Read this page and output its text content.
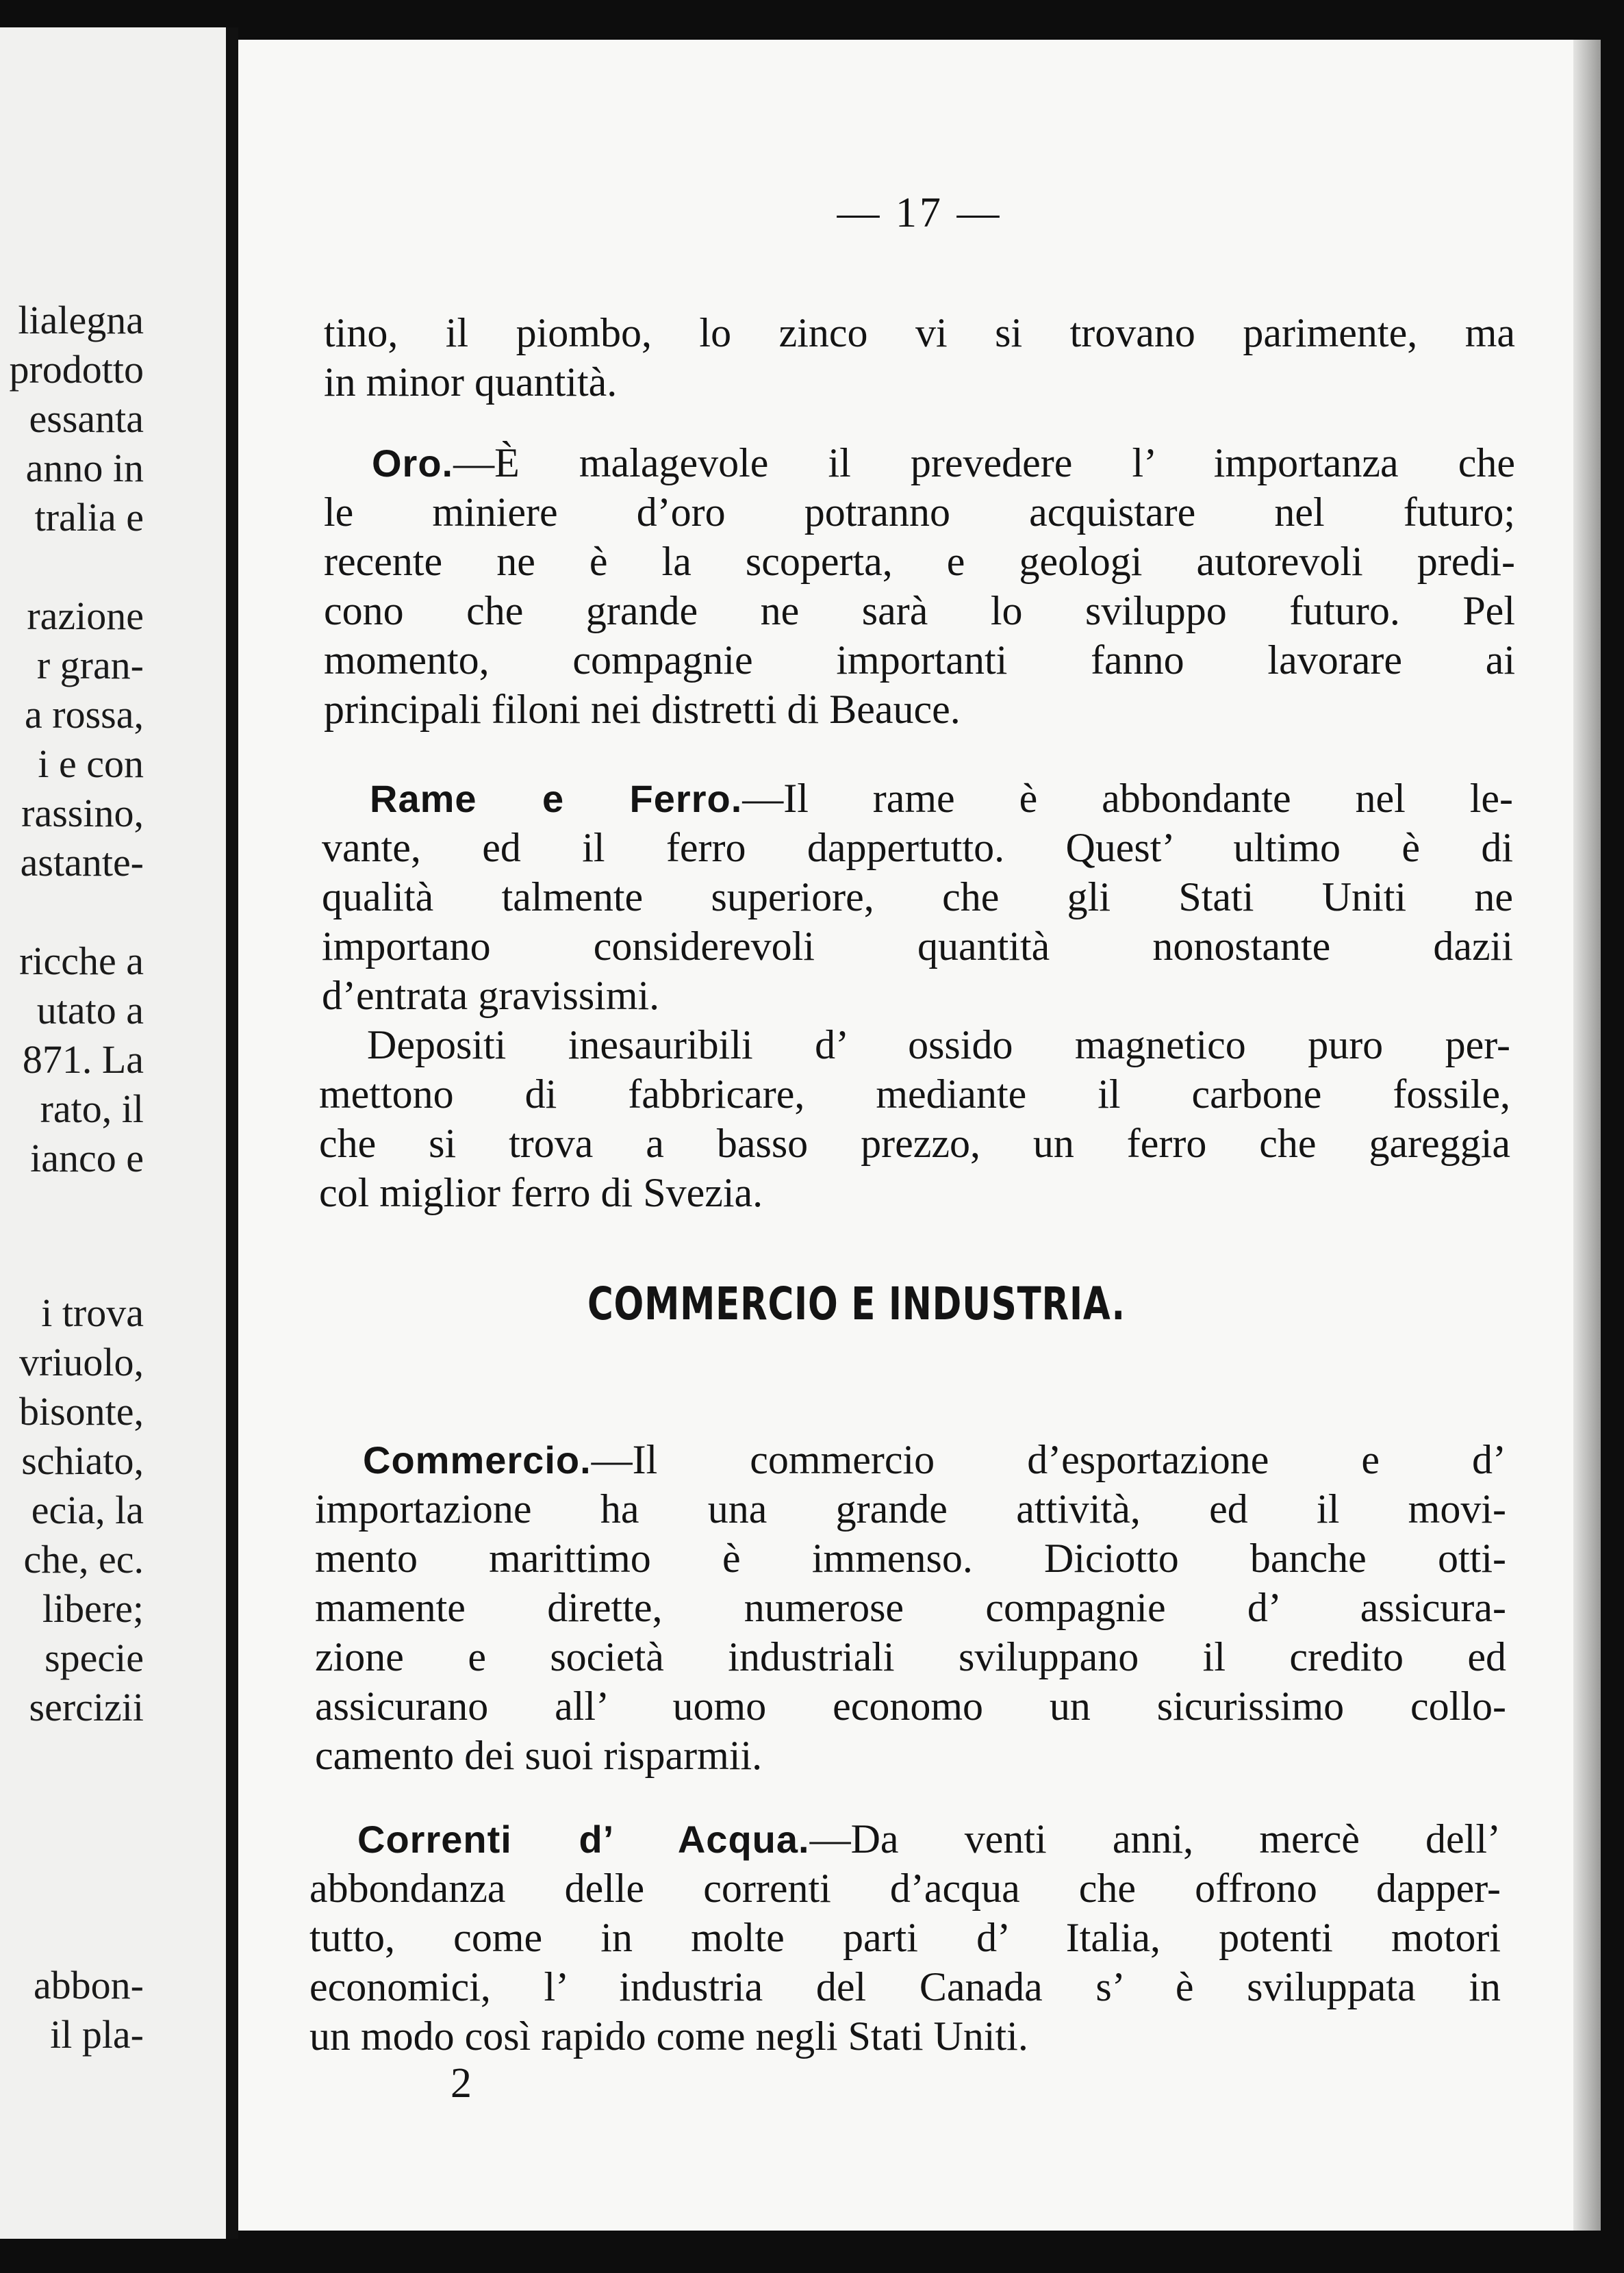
lialegna
prodotto
essanta
anno in
tralia e
razione
r gran-
a rossa,
i e con
rassino,
astante-
ricche a
utato a
871. La
rato, il
ianco e
i trova
vriuolo,
bisonte,
schiato,
ecia, la
che, ec.
libere;
specie
sercizii
abbon-
il pla-
— 17 —
tino, il piombo, lo zinco vi si trovano parimente, ma
in minor quantità.
Oro.—È malagevole il prevedere l’ importanza che
le miniere d’oro potranno acquistare nel futuro;
recente ne è la scoperta, e geologi autorevoli predi-
cono che grande ne sarà lo sviluppo futuro. Pel
momento, compagnie importanti fanno lavorare ai
principali filoni nei distretti di Beauce.
Rame e Ferro.—Il rame è abbondante nel le-
vante, ed il ferro dappertutto. Quest’ ultimo è di
qualità talmente superiore, che gli Stati Uniti ne
importano considerevoli quantità nonostante dazii
d’entrata gravissimi.
Depositi inesauribili d’ ossido magnetico puro per-
mettono di fabbricare, mediante il carbone fossile,
che si trova a basso prezzo, un ferro che gareggia
col miglior ferro di Svezia.
COMMERCIO E INDUSTRIA.
Commercio.—Il commercio d’esportazione e d’
importazione ha una grande attività, ed il movi-
mento marittimo è immenso. Diciotto banche otti-
mamente dirette, numerose compagnie d’ assicura-
zione e società industriali sviluppano il credito ed
assicurano all’ uomo economo un sicurissimo collo-
camento dei suoi risparmii.
Correnti d’ Acqua.—Da venti anni, mercè dell’
abbondanza delle correnti d’acqua che offrono dapper-
tutto, come in molte parti d’ Italia, potenti motori
economici, l’ industria del Canada s’ è sviluppata in
un modo così rapido come negli Stati Uniti.
2
